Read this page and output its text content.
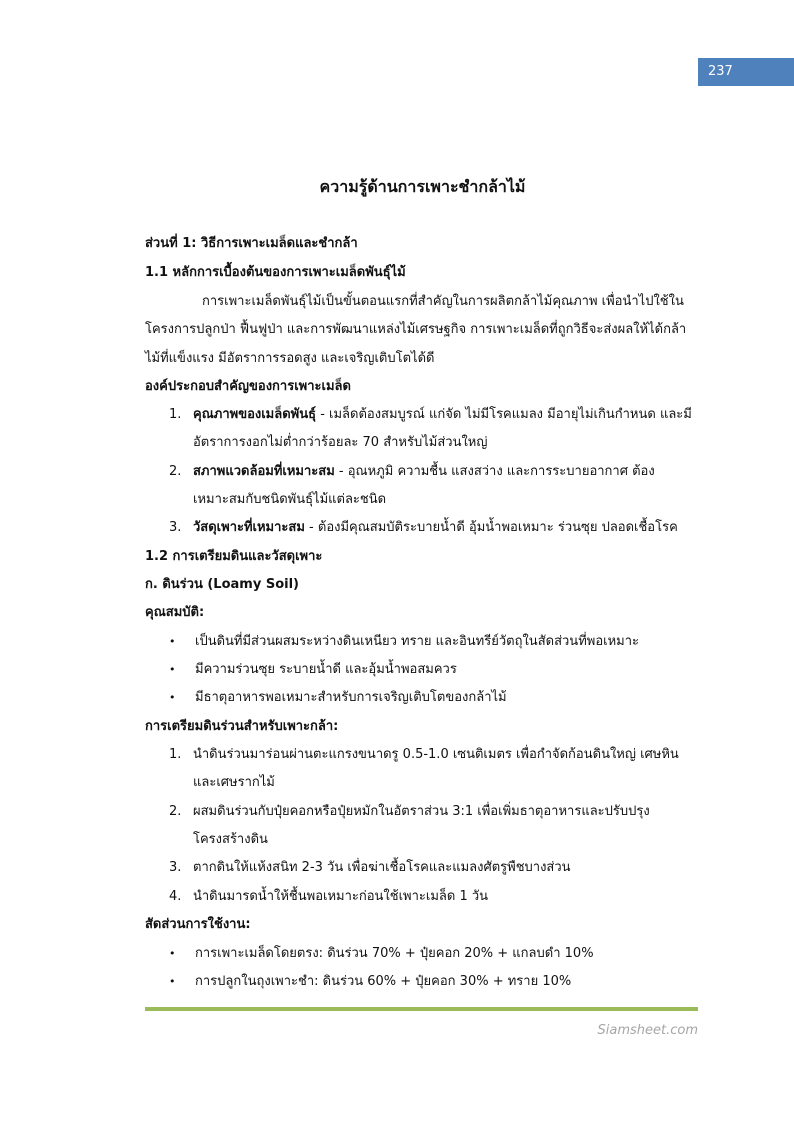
237
ความรู้ด้านการเพาะชำกล้าไม้
ส่วนที่ 1: วิธีการเพาะเมล็ดและชำกล้า
1.1 หลักการเบื้องต้นของการเพาะเมล็ดพันธุ์ไม้
การเพาะเมล็ดพันธุ์ไม้เป็นขั้นตอนแรกที่สำคัญในการผลิตกล้าไม้คุณภาพ เพื่อนำไปใช้ใน
โครงการปลูกป่า ฟื้นฟูป่า และการพัฒนาแหล่งไม้เศรษฐกิจ การเพาะเมล็ดที่ถูกวิธีจะส่งผลให้ได้กล้า
ไม้ที่แข็งแรง มีอัตราการรอดสูง และเจริญเติบโตได้ดี
องค์ประกอบสำคัญของการเพาะเมล็ด
1. คุณภาพของเมล็ดพันธุ์ - เมล็ดต้องสมบูรณ์ แก่จัด ไม่มีโรคแมลง มีอายุไม่เกินกำหนด และมี
อัตราการงอกไม่ต่ำกว่าร้อยละ 70 สำหรับไม้ส่วนใหญ่
2. สภาพแวดล้อมที่เหมาะสม - อุณหภูมิ ความชื้น แสงสว่าง และการระบายอากาศ ต้อง
เหมาะสมกับชนิดพันธุ์ไม้แต่ละชนิด
3. วัสดุเพาะที่เหมาะสม - ต้องมีคุณสมบัติระบายน้ำดี อุ้มน้ำพอเหมาะ ร่วนซุย ปลอดเชื้อโรค
1.2 การเตรียมดินและวัสดุเพาะ
ก. ดินร่วน (Loamy Soil)
คุณสมบัติ:
• เป็นดินที่มีส่วนผสมระหว่างดินเหนียว ทราย และอินทรีย์วัตถุในสัดส่วนที่พอเหมาะ
• มีความร่วนซุย ระบายน้ำดี และอุ้มน้ำพอสมควร
• มีธาตุอาหารพอเหมาะสำหรับการเจริญเติบโตของกล้าไม้
การเตรียมดินร่วนสำหรับเพาะกล้า:
1. นำดินร่วนมาร่อนผ่านตะแกรงขนาดรู 0.5-1.0 เซนติเมตร เพื่อกำจัดก้อนดินใหญ่ เศษหิน
และเศษรากไม้
2. ผสมดินร่วนกับปุ๋ยคอกหรือปุ๋ยหมักในอัตราส่วน 3:1 เพื่อเพิ่มธาตุอาหารและปรับปรุง
โครงสร้างดิน
3. ตากดินให้แห้งสนิท 2-3 วัน เพื่อฆ่าเชื้อโรคและแมลงศัตรูพืชบางส่วน
4. นำดินมารดน้ำให้ชื้นพอเหมาะก่อนใช้เพาะเมล็ด 1 วัน
สัดส่วนการใช้งาน:
• การเพาะเมล็ดโดยตรง: ดินร่วน 70% + ปุ๋ยคอก 20% + แกลบดำ 10%
• การปลูกในถุงเพาะชำ: ดินร่วน 60% + ปุ๋ยคอก 30% + ทราย 10%
Siamsheet.com
